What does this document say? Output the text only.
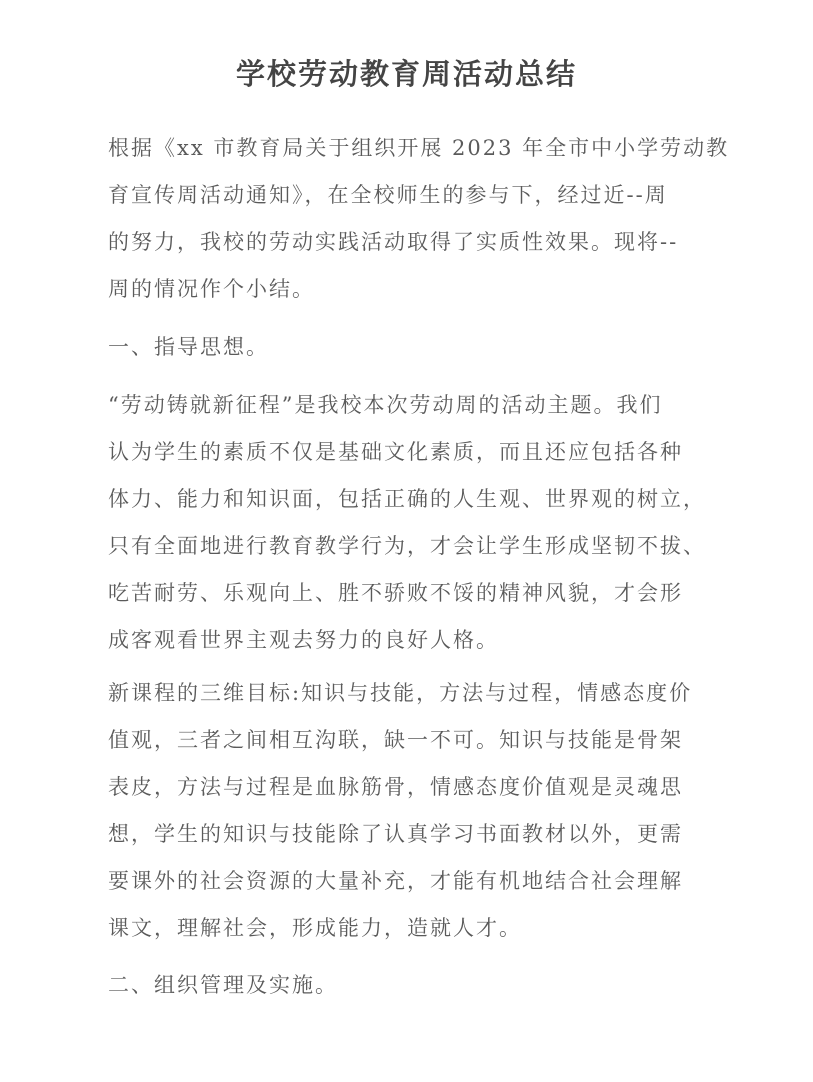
学校劳动教育周活动总结
根据《xx 市教育局关于组织开展 2023 年全市中小学劳动教
育宣传周活动通知》，在全校师生的参与下，经过近--周
的努力，我校的劳动实践活动取得了实质性效果。现将--
周的情况作个小结。
一、指导思想。
“劳动铸就新征程”是我校本次劳动周的活动主题。我们
认为学生的素质不仅是基础文化素质，而且还应包括各种
体力、能力和知识面，包括正确的人生观、世界观的树立，
只有全面地进行教育教学行为，才会让学生形成坚韧不拔、
吃苦耐劳、乐观向上、胜不骄败不馁的精神风貌，才会形
成客观看世界主观去努力的良好人格。
新课程的三维目标:知识与技能，方法与过程，情感态度价
值观，三者之间相互沟联，缺一不可。知识与技能是骨架
表皮，方法与过程是血脉筋骨，情感态度价值观是灵魂思
想，学生的知识与技能除了认真学习书面教材以外，更需
要课外的社会资源的大量补充，才能有机地结合社会理解
课文，理解社会，形成能力，造就人才。
二、组织管理及实施。
